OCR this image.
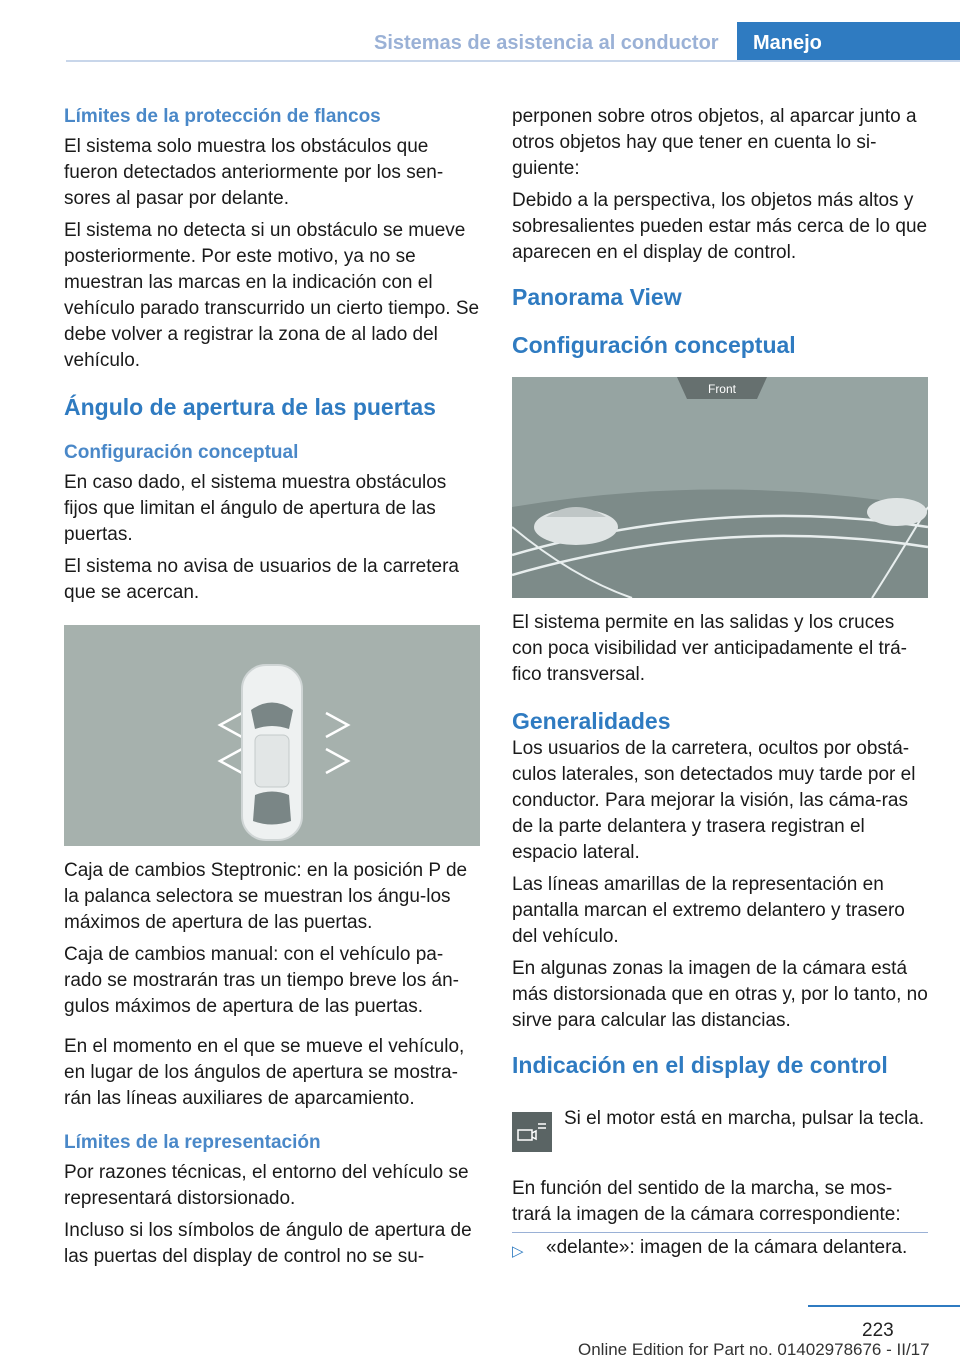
Sistemas de asistencia al conductor Manejo
Límites de la protección de flancos

El sistema solo muestra los obstáculos que fueron detectados anteriormente por los sen‐sores al pasar por delante.

El sistema no detecta si un obstáculo se mueve posteriormente. Por este motivo, ya no se muestran las marcas en la indicación con el vehículo parado transcurrido un cierto tiempo. Se debe volver a registrar la zona de al lado del vehículo.

Ángulo de apertura de las puertas
Configuración conceptual

En caso dado, el sistema muestra obstáculos fijos que limitan el ángulo de apertura de las puertas.

El sistema no avisa de usuarios de la carretera que se acercan.

Caja de cambios Steptronic: en la posición P de la palanca selectora se muestran los ángu‐los máximos de apertura de las puertas.

Caja de cambios manual: con el vehículo pa‐rado se mostrarán tras un tiempo breve los án‐gulos máximos de apertura de las puertas.

En el momento en el que se mueve el vehículo, en lugar de los ángulos de apertura se mostra‐rán las líneas auxiliares de aparcamiento.

Límites de la representación

Por razones técnicas, el entorno del vehículo se representará distorsionado.

Incluso si los símbolos de ángulo de apertura de las puertas del display de control no se su‐

perponen sobre otros objetos, al aparcar junto a otros objetos hay que tener en cuenta lo si‐guiente:

Debido a la perspectiva, los objetos más altos y sobresalientes pueden estar más cerca de lo que aparecen en el display de control.

Panorama View
Configuración conceptual
Front

El sistema permite en las salidas y los cruces con poca visibilidad ver anticipadamente el trá‐fico transversal.

Generalidades

Los usuarios de la carretera, ocultos por obstá‐culos laterales, son detectados muy tarde por el conductor. Para mejorar la visión, las cáma‐ras de la parte delantera y trasera registran el espacio lateral.

Las líneas amarillas de la representación en pantalla marcan el extremo delantero y trasero del vehículo.

En algunas zonas la imagen de la cámara está más distorsionada que en otras y, por lo tanto, no sirve para calcular las distancias.

Indicación en el display de control

Si el motor está en marcha, pulsar la tecla.

En función del sentido de la marcha, se mos‐trará la imagen de la cámara correspondiente:

▷ «delante»: imagen de la cámara delantera.
223
Online Edition for Part no. 01402978676 - II/17
